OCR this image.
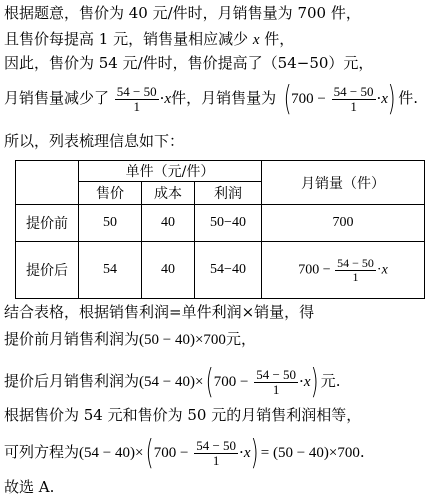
根据题意，售价为 40 元/件时，月销售量为 700 件，
且售价每提高 1 元，销售量相应减少 x 件，
因此，售价为 54 元/件时，售价提高了（54−50）元，
月销售量减少了 $\frac{54 - 50}{1} \cdot x$件，月销售量为 $(700 - \frac{54 - 50}{1} \cdot x)$ 件.
所以，列表梳理信息如下：
	单件（元/件）			月销量（件）
	售价	成本	利润	
提价前	50	40	50−40	700
提价后	54	40	54−40	$700 - \frac{54 - 50}{1} \cdot x$
结合表格，根据销售利润=单件利润×销量，得
提价前月销售利润为(50 − 40)×700元，
提价后月销售利润为$(54 - 40)\times(700 - \frac{54 - 50}{1} \cdot x)$ 元.
根据售价为 54 元和售价为 50 元的月销售利润相等，
可列方程为$(54 - 40)\times(700 - \frac{54 - 50}{1} \cdot x) = (50 - 40)\times 700$.
故选 A.
